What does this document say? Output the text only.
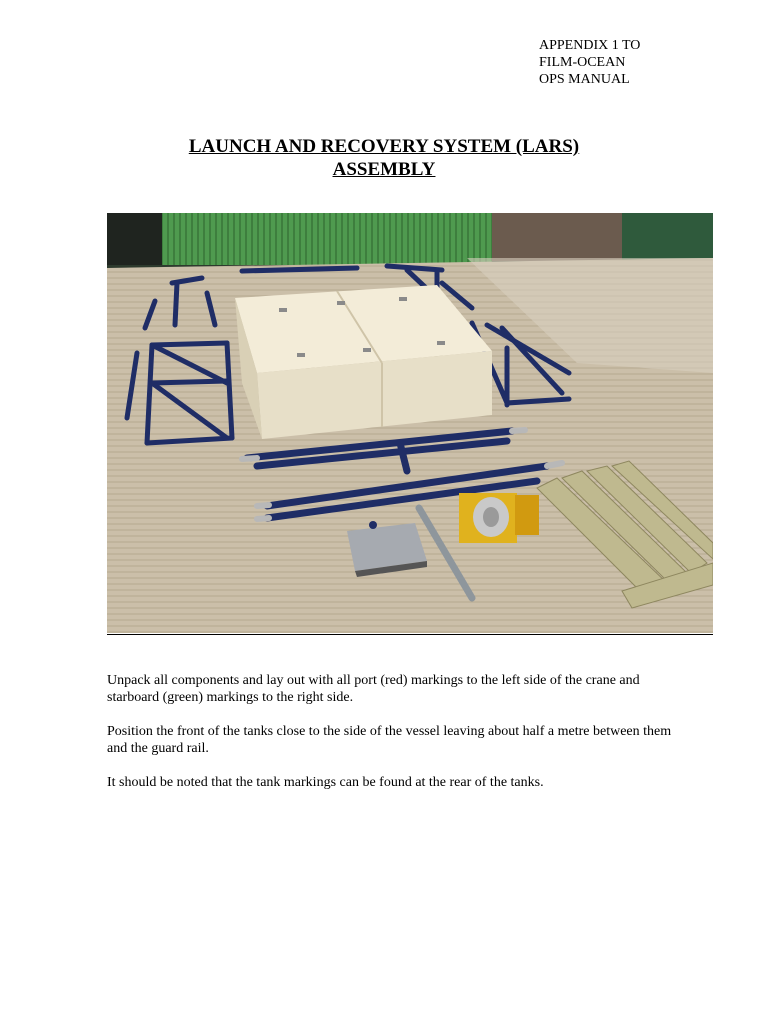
APPENDIX 1 TO
FILM-OCEAN
OPS MANUAL
LAUNCH AND RECOVERY SYSTEM (LARS)
ASSEMBLY

Unpack all components and lay out with all port (red) markings to the left side of the crane and starboard (green) markings to the right side.

Position the front of the tanks close to the side of the vessel leaving about half a metre between them and the guard rail.

It should be noted that the tank markings can be found at the rear of the tanks.
